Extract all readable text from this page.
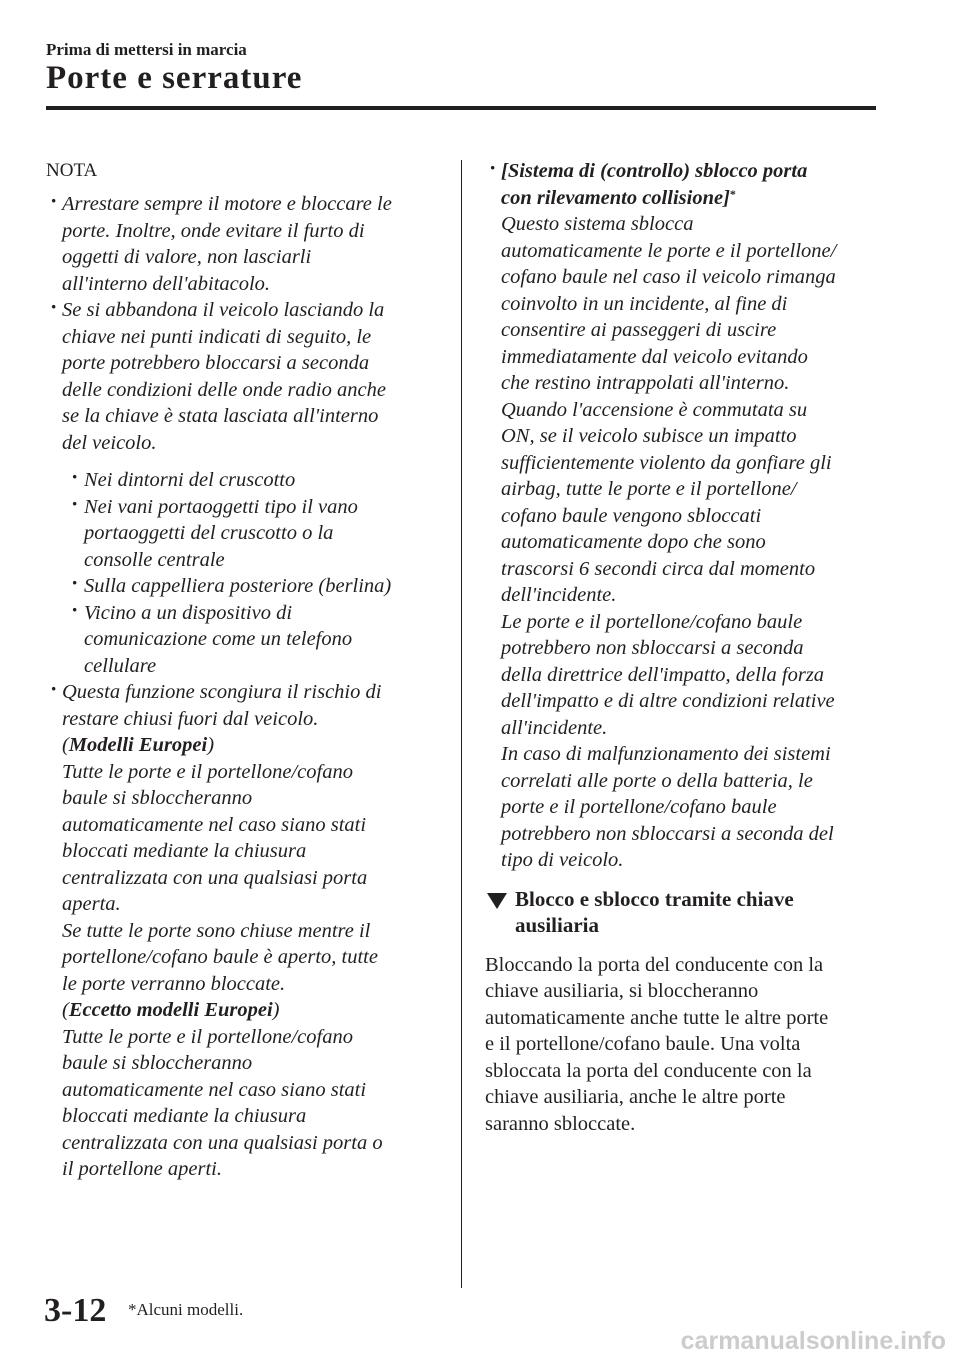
Prima di mettersi in marcia
Porte e serrature
NOTA
· Arrestare sempre il motore e bloccare le
porte. Inoltre, onde evitare il furto di
oggetti di valore, non lasciarli
all'interno dell'abitacolo.
· Se si abbandona il veicolo lasciando la
chiave nei punti indicati di seguito, le
porte potrebbero bloccarsi a seconda
delle condizioni delle onde radio anche
se la chiave è stata lasciata all'interno
del veicolo.
· Nei dintorni del cruscotto
· Nei vani portaoggetti tipo il vano
portaoggetti del cruscotto o la
consolle centrale
· Sulla cappelliera posteriore (berlina)
· Vicino a un dispositivo di
comunicazione come un telefono
cellulare
· Questa funzione scongiura il rischio di
restare chiusi fuori dal veicolo.
(Modelli Europei)
Tutte le porte e il portellone/cofano
baule si sbloccheranno
automaticamente nel caso siano stati
bloccati mediante la chiusura
centralizzata con una qualsiasi porta
aperta.
Se tutte le porte sono chiuse mentre il
portellone/cofano baule è aperto, tutte
le porte verranno bloccate.
(Eccetto modelli Europei)
Tutte le porte e il portellone/cofano
baule si sbloccheranno
automaticamente nel caso siano stati
bloccati mediante la chiusura
centralizzata con una qualsiasi porta o
il portellone aperti.
· [Sistema di (controllo) sblocco porta
con rilevamento collisione]*
Questo sistema sblocca
automaticamente le porte e il portellone/
cofano baule nel caso il veicolo rimanga
coinvolto in un incidente, al fine di
consentire ai passeggeri di uscire
immediatamente dal veicolo evitando
che restino intrappolati all'interno.
Quando l'accensione è commutata su
ON, se il veicolo subisce un impatto
sufficientemente violento da gonfiare gli
airbag, tutte le porte e il portellone/
cofano baule vengono sbloccati
automaticamente dopo che sono
trascorsi 6 secondi circa dal momento
dell'incidente.
Le porte e il portellone/cofano baule
potrebbero non sbloccarsi a seconda
della direttrice dell'impatto, della forza
dell'impatto e di altre condizioni relative
all'incidente.
In caso di malfunzionamento dei sistemi
correlati alle porte o della batteria, le
porte e il portellone/cofano baule
potrebbero non sbloccarsi a seconda del
tipo di veicolo.
Blocco e sblocco tramite chiave
ausiliaria
Bloccando la porta del conducente con la
chiave ausiliaria, si bloccheranno
automaticamente anche tutte le altre porte
e il portellone/cofano baule. Una volta
sbloccata la porta del conducente con la
chiave ausiliaria, anche le altre porte
saranno sbloccate.
3-12 *Alcuni modelli.
carmanualsonline.info
